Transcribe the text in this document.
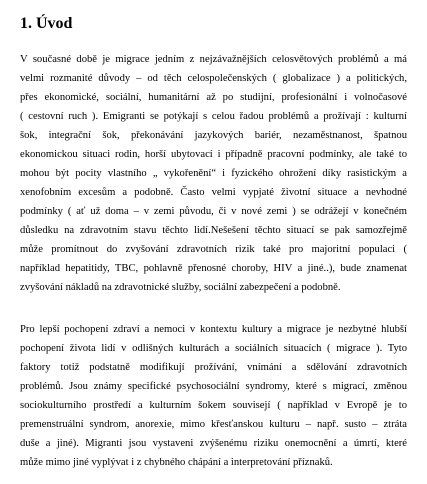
1. Úvod
V současné době je migrace jedním z nejzávažnějších celosvětových problémů a má
velmi rozmanité důvody – od těch celospolečenských ( globalizace ) a politických,
přes ekonomické, sociální, humanitární až po studijní, profesionální i volnočasové
( cestovní ruch ). Emigranti se potýkají s celou řadou problémů a prožívají : kulturní
šok, integrační šok, překonávání jazykových bariér, nezaměstnanost, špatnou
ekonomickou situaci rodin, horší ubytovací i případně pracovní podmínky, ale také to
mohou být pocity vlastního „ vykořenění“ i fyzického ohrožení díky rasistickým a
xenofobním excesům a podobně. Často velmi vypjaté životní situace a nevhodné
podmínky ( ať už doma – v zemi původu, či v nové zemi ) se odrážejí v konečném
důsledku na zdravotním stavu těchto lidí.Nešešení těchto situací se pak samozřejmě
může promítnout do zvyšování zdravotních rizik také pro majoritní populaci (
například hepatitidy, TBC, pohlavně přenosné choroby, HIV a jiné..), bude znamenat
zvyšování nákladů na zdravotnické služby, sociální zabezpečení a podobně.
Pro lepší pochopení zdraví a nemoci v kontextu kultury a migrace je nezbytné hlubší
pochopení života lidí v odlišných kulturách a sociálních situacích ( migrace ). Tyto
faktory totiž podstatně modifikují prožívání, vnímání a sdělování zdravotních
problémů. Jsou známy specifické psychosociální syndromy, které s migrací, změnou
sociokulturního prostředí a kulturním šokem souvisejí ( například v Evropě je to
premenstruální syndrom, anorexie, mimo křesťanskou kulturu – např. susto – ztráta
duše a jiné). Migranti jsou vystaveni zvýšenému riziku onemocnění a úmrtí, které
může mimo jiné vyplývat i z chybného chápání a interpretování příznaků.
